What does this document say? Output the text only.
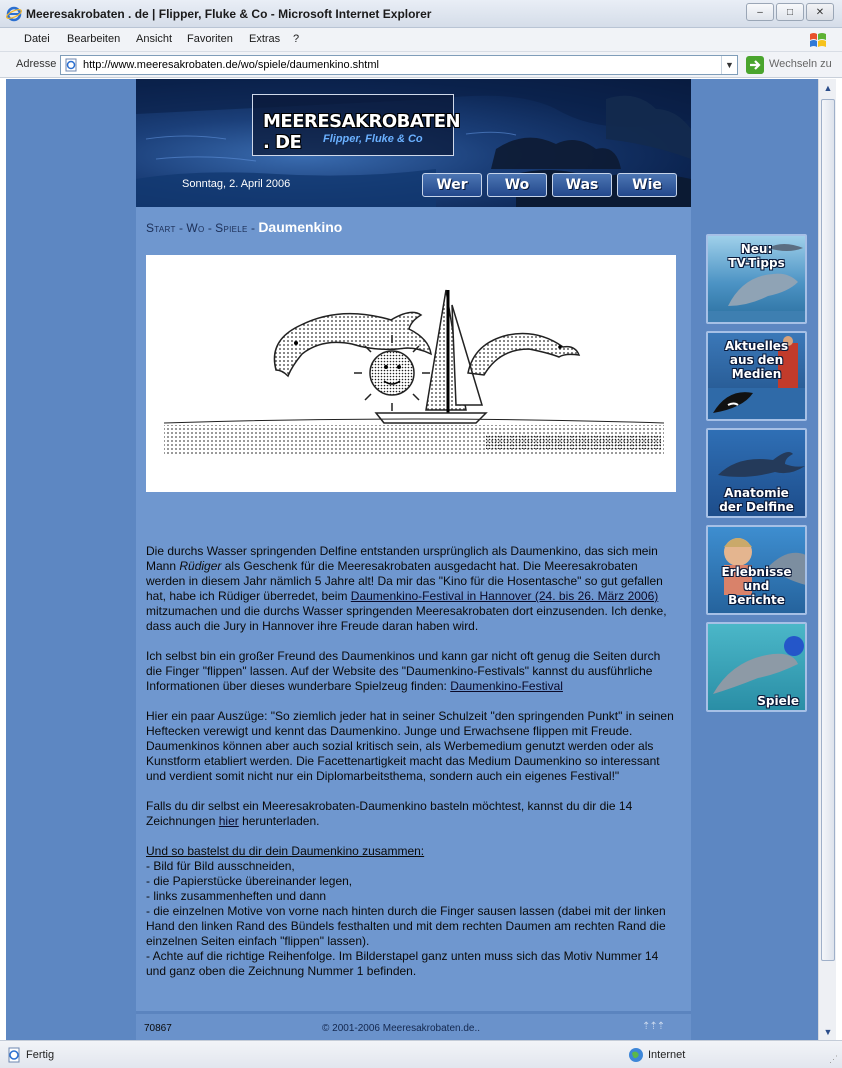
Meeresakrobaten . de | Flipper, Fluke & Co - Microsoft Internet Explorer	–	□	✕
Datei Bearbeiten Ansicht Favoriten Extras ?
Adresse http://www.meeresakrobaten.de/wo/spiele/daumenkino.shtml	▼	Wechseln zu
MEERESAKROBATEN . DE	Flipper, Fluke & Co
Sonntag, 2. April 2006	Wer	Wo	Was	Wie
Start - Wo - Spiele - Daumenkino

Die durchs Wasser springenden Delfine entstanden ursprünglich als Daumenkino, das sich mein Mann Rüdiger als Geschenk für die Meeresakrobaten ausgedacht hat. Die Meeresakrobaten werden in diesem Jahr nämlich 5 Jahre alt! Da mir das "Kino für die Hosentasche" so gut gefallen hat, habe ich Rüdiger überredet, beim Daumenkino-Festival in Hannover (24. bis 26. März 2006) mitzumachen und die durchs Wasser springenden Meeresakrobaten dort einzusenden. Ich denke, dass auch die Jury in Hannover ihre Freude daran haben wird.

Ich selbst bin ein großer Freund des Daumenkinos und kann gar nicht oft genug die Seiten durch die Finger "flippen" lassen. Auf der Website des "Daumenkino-Festivals" kannst du ausführliche Informationen über dieses wunderbare Spielzeug finden: Daumenkino-Festival

Hier ein paar Auszüge: "So ziemlich jeder hat in seiner Schulzeit "den springenden Punkt" in seinen Heftecken verewigt und kennt das Daumenkino. Junge und Erwachsene flippen mit Freude. Daumenkinos können aber auch sozial kritisch sein, als Werbemedium genutzt werden oder als Kunstform etabliert werden. Die Facettenartigkeit macht das Medium Daumenkino so interessant und verdient somit nicht nur ein Diplomarbeitsthema, sondern auch ein eigenes Festival!"

Falls du dir selbst ein Meeresakrobaten-Daumenkino basteln möchtest, kannst du dir die 14 Zeichnungen hier herunterladen.

Und so bastelst du dir dein Daumenkino zusammen:
- Bild für Bild ausschneiden,
- die Papierstücke übereinander legen,
- links zusammenheften und dann
- die einzelnen Motive von vorne nach hinten durch die Finger sausen lassen (dabei mit der linken Hand den linken Rand des Bündels festhalten und mit dem rechten Daumen am rechten Rand die einzelnen Seiten einfach "flippen" lassen).
- Achte auf die richtige Reihenfolge. Im Bilderstapel ganz unten muss sich das Motiv Nummer 14 und ganz oben die Zeichnung Nummer 1 befinden.
70867	© 2001-2006 Meeresakrobaten.de..	⇡⇡⇡
Neu:
TV-Tipps
Aktuelles
aus den
Medien
Anatomie
der Delfine
Erlebnisse
und
Berichte
Spiele
▲
▼
Fertig	Internet	⋰
